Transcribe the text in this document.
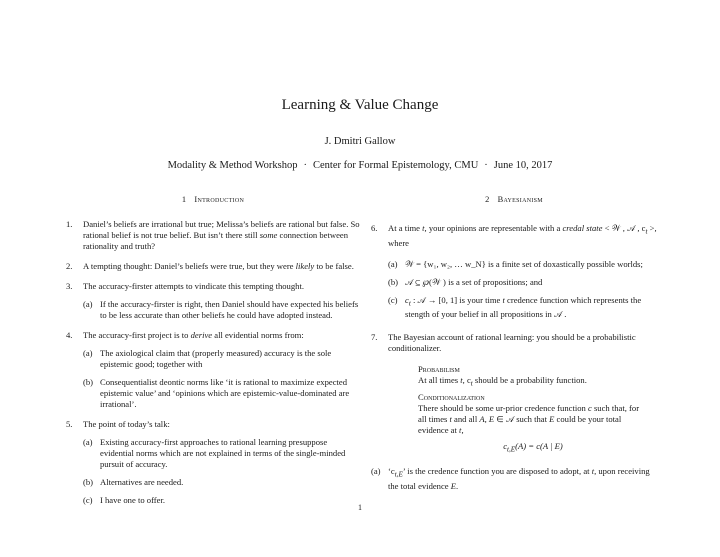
Learning & Value Change
J. Dmitri Gallow
Modality & Method Workshop · Center for Formal Epistemology, CMU · June 10, 2017
1 Introduction
1. Daniel’s beliefs are irrational but true; Melissa’s beliefs are rational but false. So rational belief is not true belief. But isn’t there still some connection between rationality and truth?
2. A tempting thought: Daniel’s beliefs were true, but they were likely to be false.
3. The accuracy-firster attempts to vindicate this tempting thought.
(a) If the accuracy-firster is right, then Daniel should have expected his beliefs to be less accurate than other beliefs he could have adopted instead.
4. The accuracy-first project is to derive all evidential norms from:
(a) The axiological claim that (properly measured) accuracy is the sole epistemic good; together with
(b) Consequentialist deontic norms like ‘it is rational to maximize expected epistemic value’ and ‘opinions which are epistemic-value-dominated are irrational’.
5. The point of today’s talk:
(a) Existing accuracy-first approaches to rational learning presuppose evidential norms which are not explained in terms of the single-minded pursuit of accuracy.
(b) Alternatives are needed.
(c) I have one to offer.
2 Bayesianism
6. At a time t, your opinions are representable with a credal state < 𝒲 , 𝒜 , $c_t$ >, where
(a) 𝒲 = {w₁, w₂, … w_N} is a finite set of doxastically possible worlds;
(b) 𝒜 ⊆ ℘(𝒲 ) is a set of propositions; and
(c) $c_t$ : 𝒜 → [0, 1] is your time t credence function which represents the stength of your belief in all propositions in 𝒜 .
7. The Bayesian account of rational learning: you should be a probabilistic conditionalizer.
Probabilism
At all times t, $c_t$ should be a probability function.
Conditionalization
There should be some ur-prior credence function c such that, for all times t and all A, E ∈ 𝒜 such that E could be your total evidence at t,
$c_{t,E}(A) = c(A$ | E)
(a) ‘$c_{t,E}$’ is the credence function you are disposed to adopt, at t, upon receiving the total evidence E.
1
